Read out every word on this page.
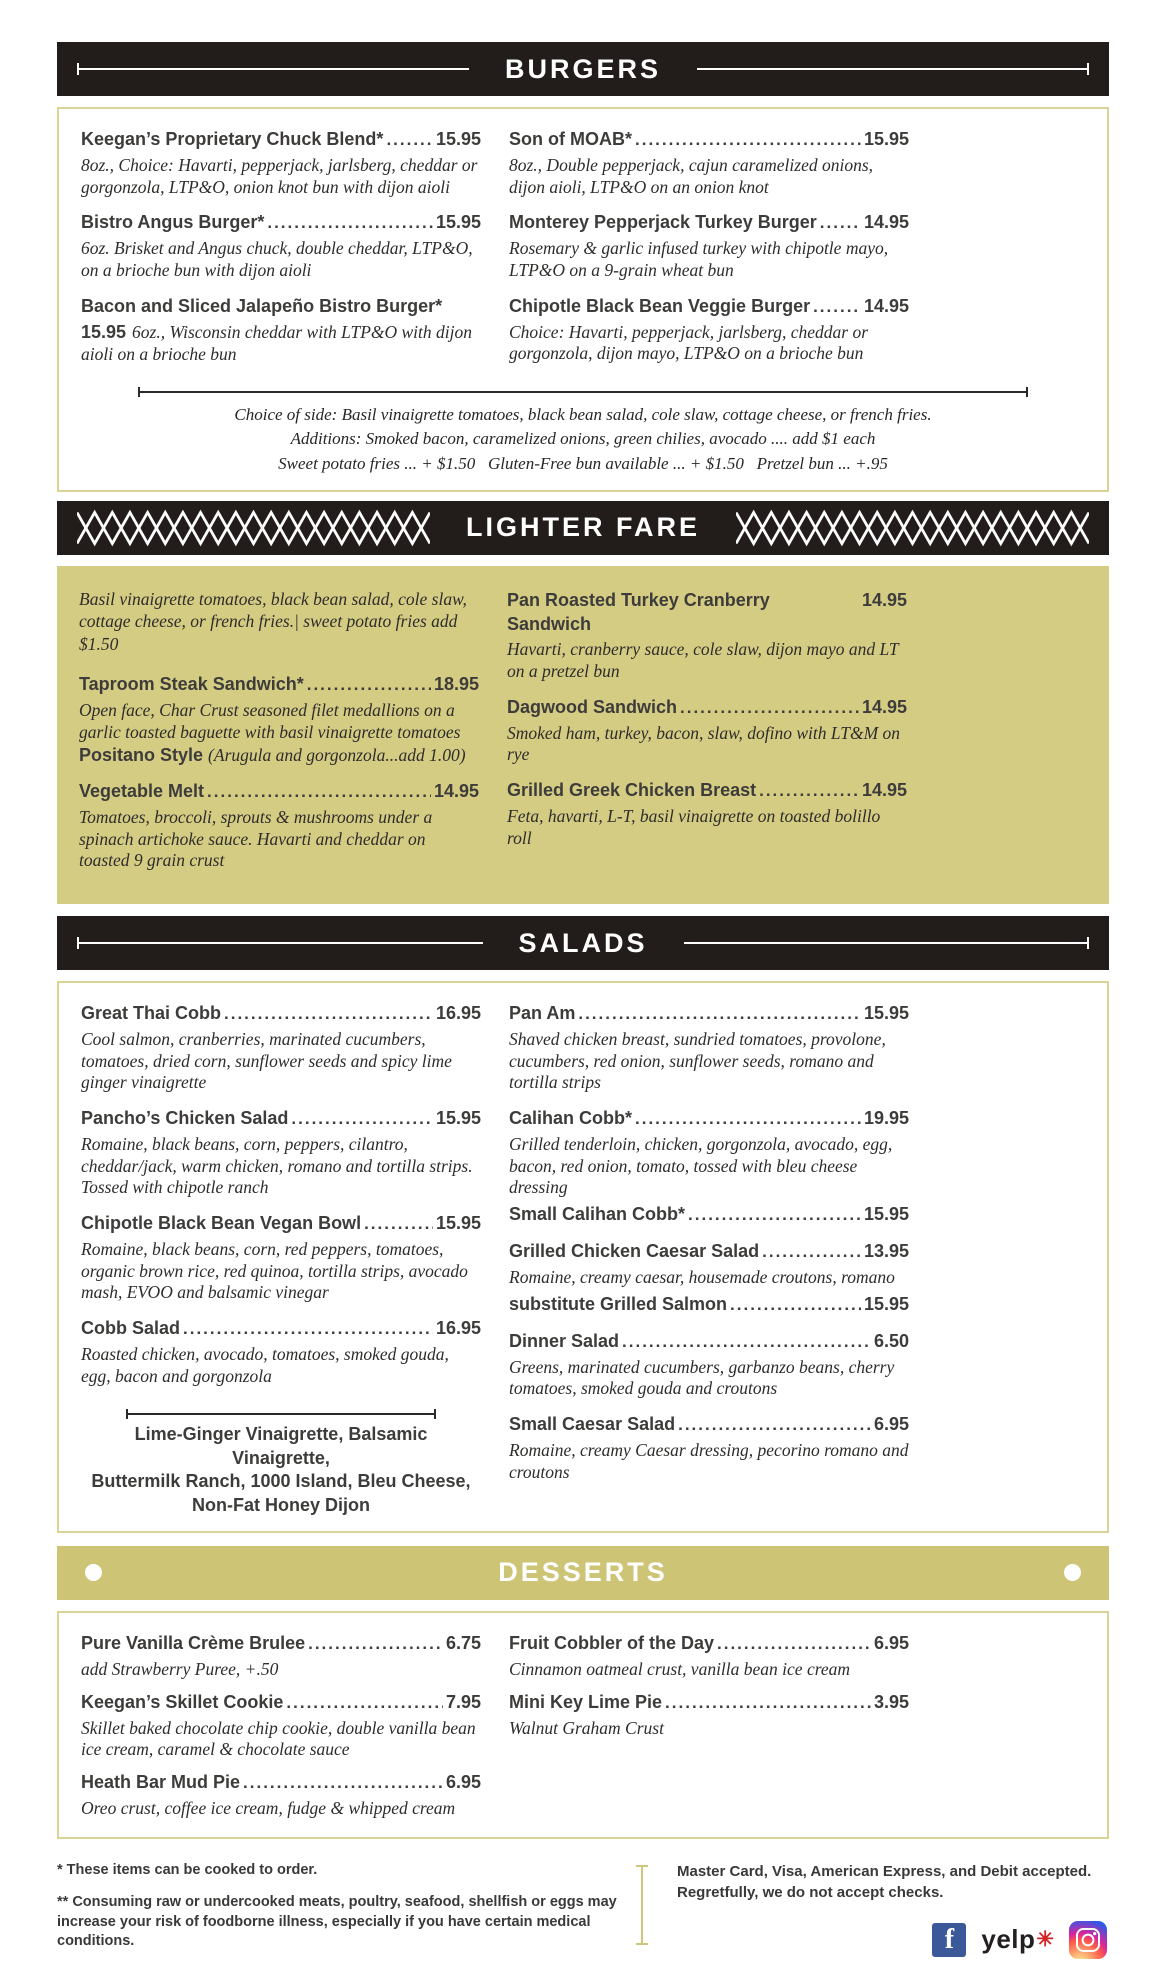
BURGERS
Keegan’s Proprietary Chuck Blend* .....	15.95
8oz., Choice: Havarti, pepperjack, jarlsberg, cheddar or gorgonzola, LTP&O, onion knot bun with dijon aioli
Bistro Angus Burger* .....	15.95
6oz. Brisket and Angus chuck, double cheddar, LTP&O, on a brioche bun with dijon aioli
Bacon and Sliced Jalapeño Bistro Burger*
15.95 6oz., Wisconsin cheddar with LTP&O with dijon aioli on a brioche bun
Son of MOAB* .....	15.95
8oz., Double pepperjack, cajun caramelized onions, dijon aioli, LTP&O on an onion knot
Monterey Pepperjack Turkey Burger .....	14.95
Rosemary & garlic infused turkey with chipotle mayo, LTP&O on a 9-grain wheat bun
Chipotle Black Bean Veggie Burger .....	14.95
Choice: Havarti, pepperjack, jarlsberg, cheddar or gorgonzola, dijon mayo, LTP&O on a brioche bun
Choice of side: Basil vinaigrette tomatoes, black bean salad, cole slaw, cottage cheese, or french fries.
Additions: Smoked bacon, caramelized onions, green chilies, avocado .... add $1 each
Sweet potato fries ... + $1.50   Gluten-Free bun available ... + $1.50   Pretzel bun ... +.95
LIGHTER FARE
Basil vinaigrette tomatoes, black bean salad, cole slaw, cottage cheese, or french fries.| sweet potato fries add $1.50
Taproom Steak Sandwich* .....	18.95
Open face, Char Crust seasoned filet medallions on a garlic toasted baguette with basil vinaigrette tomatoes
Positano Style (Arugula and gorgonzola...add 1.00)
Vegetable Melt .....	14.95
Tomatoes, broccoli, sprouts & mushrooms under a spinach artichoke sauce. Havarti and cheddar on toasted 9 grain crust
Pan Roasted Turkey Cranberry Sandwich
14.95
Havarti, cranberry sauce, cole slaw, dijon mayo and LT on a pretzel bun
Dagwood Sandwich .....	14.95
Smoked ham, turkey, bacon, slaw, dofino with LT&M on rye
Grilled Greek Chicken Breast .....	14.95
Feta, havarti, L-T, basil vinaigrette on toasted bolillo roll
SALADS
Great Thai Cobb .....	16.95
Cool salmon, cranberries, marinated cucumbers, tomatoes, dried corn, sunflower seeds and spicy lime ginger vinaigrette
Pancho’s Chicken Salad .....	15.95
Romaine, black beans, corn, peppers, cilantro, cheddar/jack, warm chicken, romano and tortilla strips. Tossed with chipotle ranch
Chipotle Black Bean Vegan Bowl .....	15.95
Romaine, black beans, corn, red peppers, tomatoes, organic brown rice, red quinoa, tortilla strips, avocado mash, EVOO and balsamic vinegar
Cobb Salad .....	16.95
Roasted chicken, avocado, tomatoes, smoked gouda, egg, bacon and gorgonzola
Lime-Ginger Vinaigrette, Balsamic Vinaigrette,
Buttermilk Ranch, 1000 Island, Bleu Cheese,
Non-Fat Honey Dijon
Pan Am .....	15.95
Shaved chicken breast, sundried tomatoes, provolone, cucumbers, red onion, sunflower seeds, romano and tortilla strips
Calihan Cobb* .....	19.95
Grilled tenderloin, chicken, gorgonzola, avocado, egg, bacon, red onion, tomato, tossed with bleu cheese dressing
Small Calihan Cobb* .....	15.95
Grilled Chicken Caesar Salad .....	13.95
Romaine, creamy caesar, housemade croutons, romano
substitute Grilled Salmon .....	15.95
Dinner Salad .....	6.50
Greens, marinated cucumbers, garbanzo beans, cherry tomatoes, smoked gouda and croutons
Small Caesar Salad .....	6.95
Romaine, creamy Caesar dressing, pecorino romano and croutons
DESSERTS
Pure Vanilla Crème Brulee .....	6.75
add Strawberry Puree, +.50
Keegan’s Skillet Cookie .....	7.95
Skillet baked chocolate chip cookie, double vanilla bean ice cream, caramel & chocolate sauce
Heath Bar Mud Pie .....	6.95
Oreo crust, coffee ice cream, fudge & whipped cream
Fruit Cobbler of the Day .....	6.95
Cinnamon oatmeal crust, vanilla bean ice cream
Mini Key Lime Pie .....	3.95
Walnut Graham Crust
* These items can be cooked to order.
** Consuming raw or undercooked meats, poultry, seafood, shellfish or eggs may increase your risk of foodborne illness, especially if you have certain medical conditions.
Master Card, Visa, American Express, and Debit accepted. Regretfully, we do not accept checks.
f yelp ✳
